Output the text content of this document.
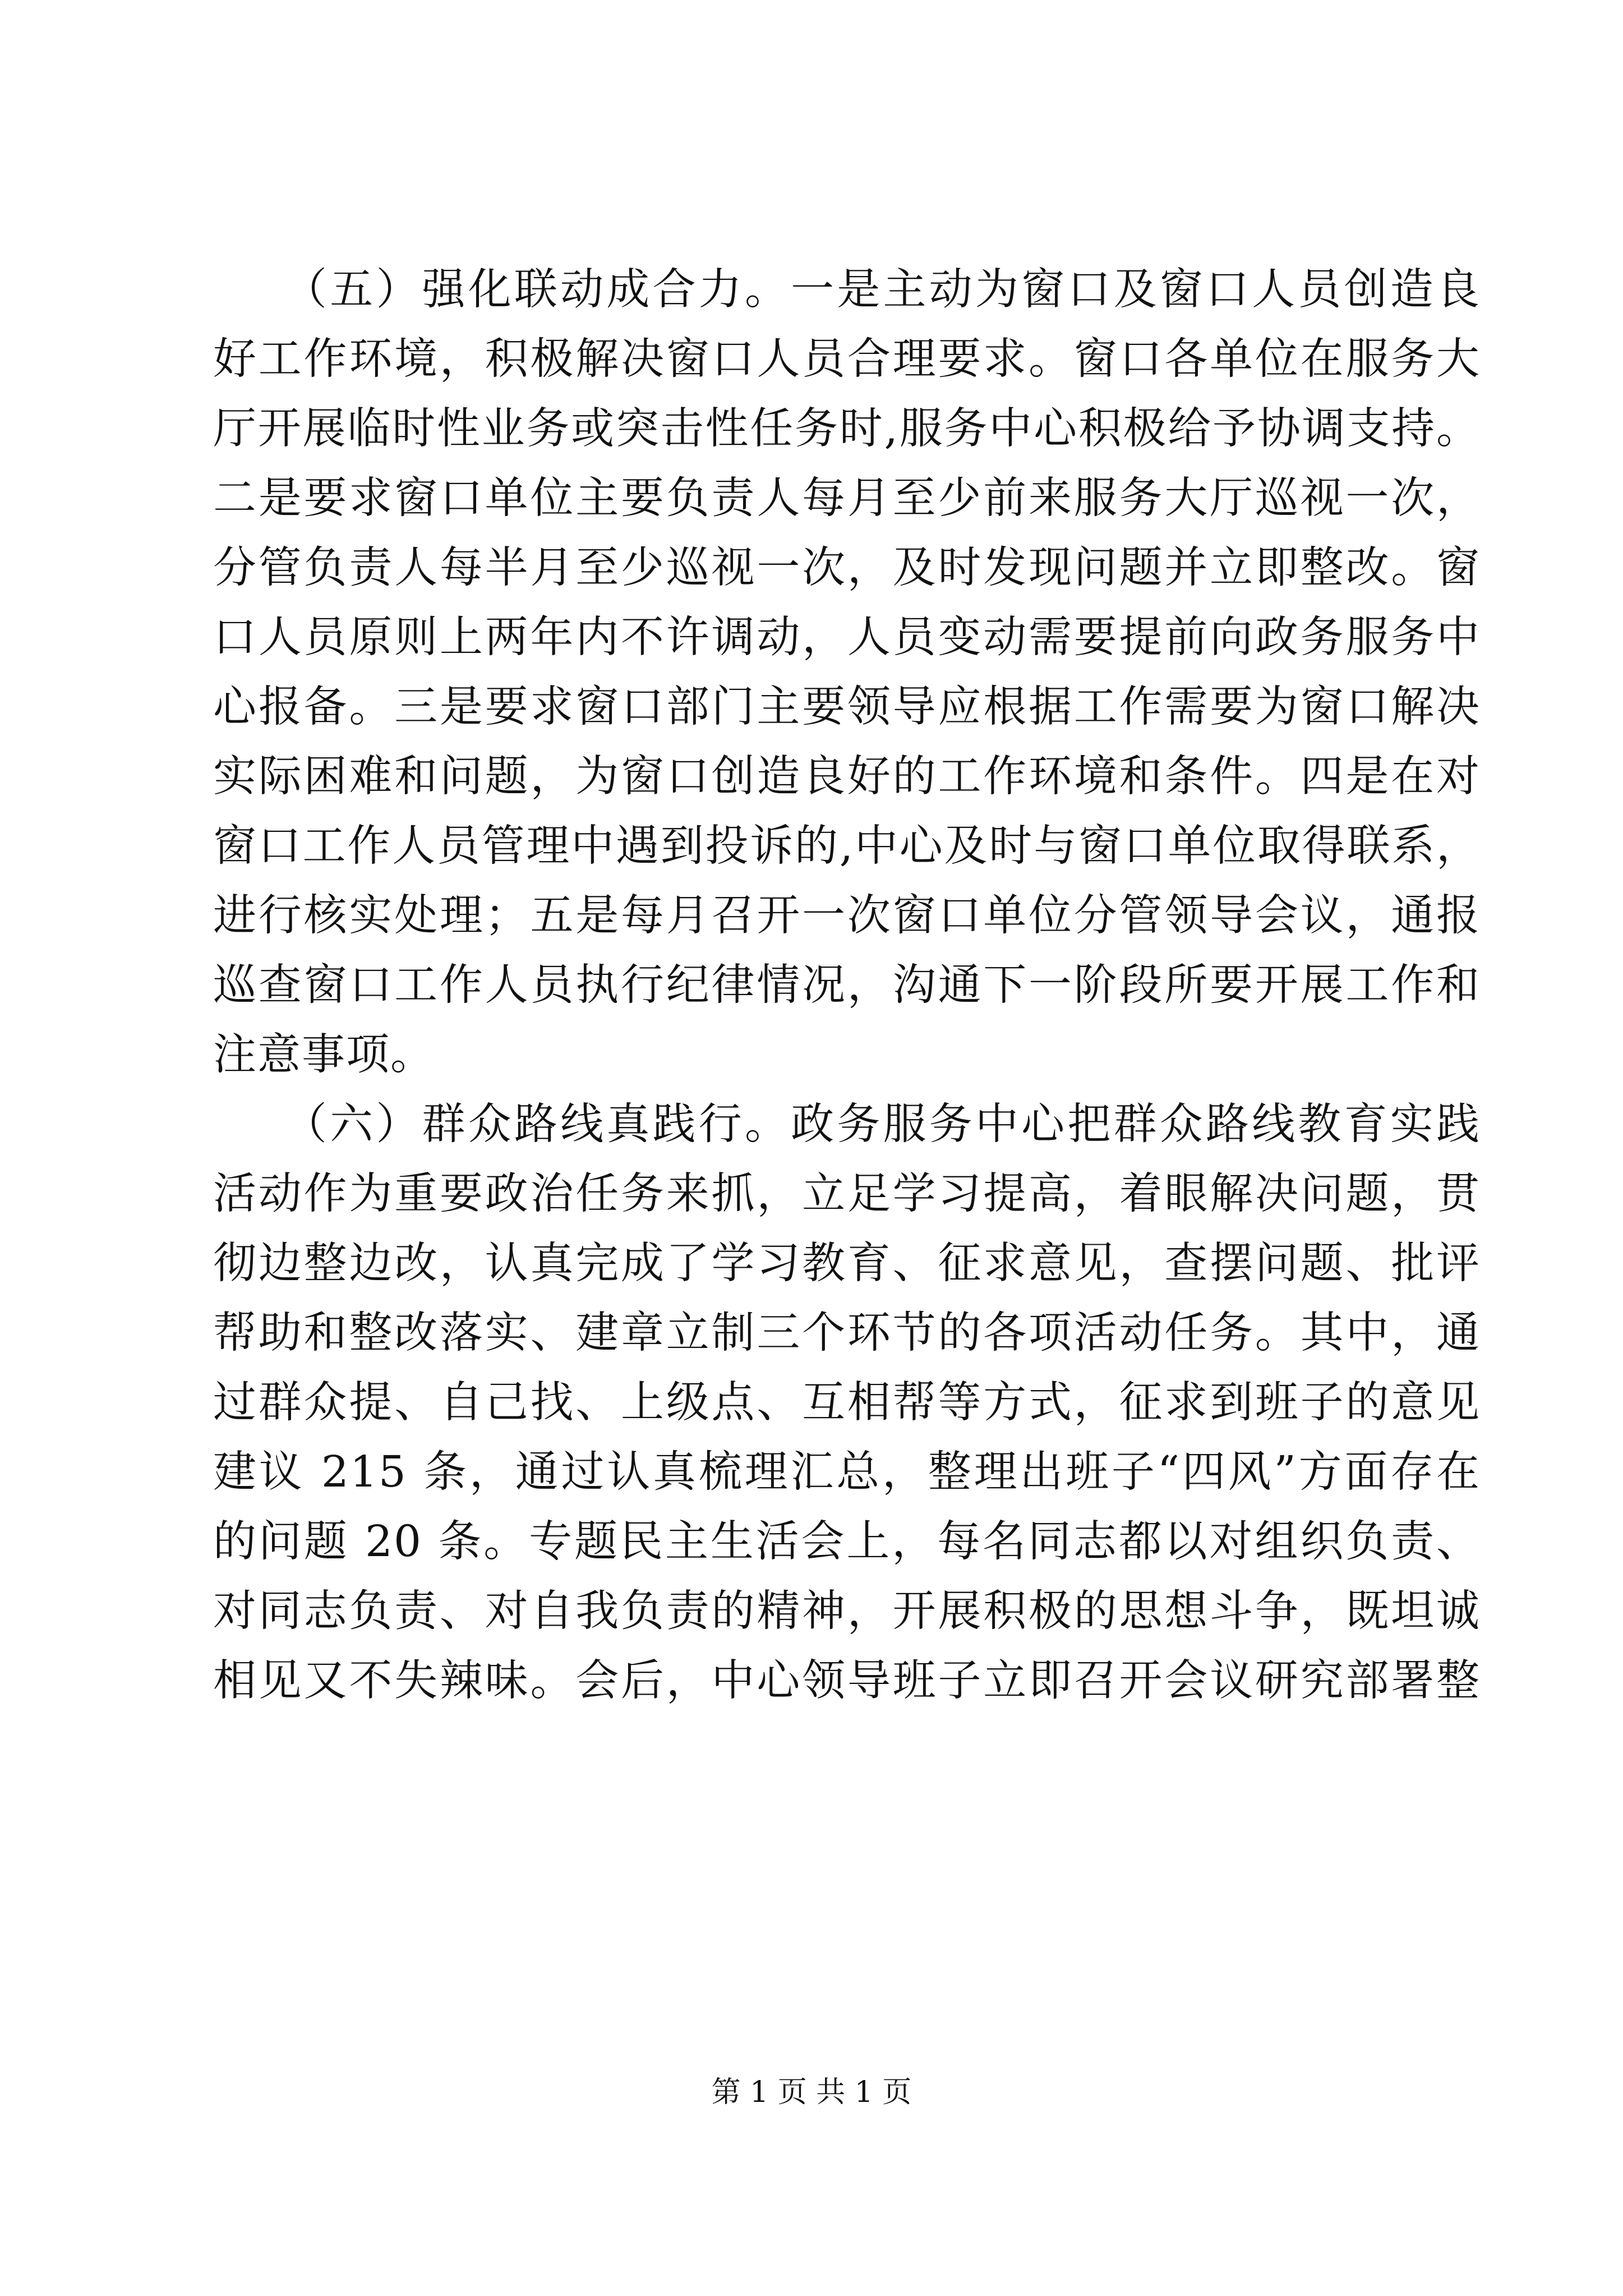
　　（五）强化联动成合力。一是主动为窗口及窗口人员创造良
好工作环境，积极解决窗口人员合理要求。窗口各单位在服务大
厅开展临时性业务或突击性任务时,服务中心积极给予协调支持。
二是要求窗口单位主要负责人每月至少前来服务大厅巡视一次，
分管负责人每半月至少巡视一次，及时发现问题并立即整改。窗
口人员原则上两年内不许调动，人员变动需要提前向政务服务中
心报备。三是要求窗口部门主要领导应根据工作需要为窗口解决
实际困难和问题，为窗口创造良好的工作环境和条件。四是在对
窗口工作人员管理中遇到投诉的,中心及时与窗口单位取得联系，
进行核实处理；五是每月召开一次窗口单位分管领导会议，通报
巡查窗口工作人员执行纪律情况，沟通下一阶段所要开展工作和
注意事项。
　　（六）群众路线真践行。政务服务中心把群众路线教育实践
活动作为重要政治任务来抓，立足学习提高，着眼解决问题，贯
彻边整边改，认真完成了学习教育、征求意见，查摆问题、批评
帮助和整改落实、建章立制三个环节的各项活动任务。其中，通
过群众提、自己找、上级点、互相帮等方式，征求到班子的意见
建议 215 条，通过认真梳理汇总，整理出班子“四风”方面存在
的问题 20 条。专题民主生活会上，每名同志都以对组织负责、
对同志负责、对自我负责的精神，开展积极的思想斗争，既坦诚
相见又不失辣味。会后，中心领导班子立即召开会议研究部署整
第 1 页 共 1 页
